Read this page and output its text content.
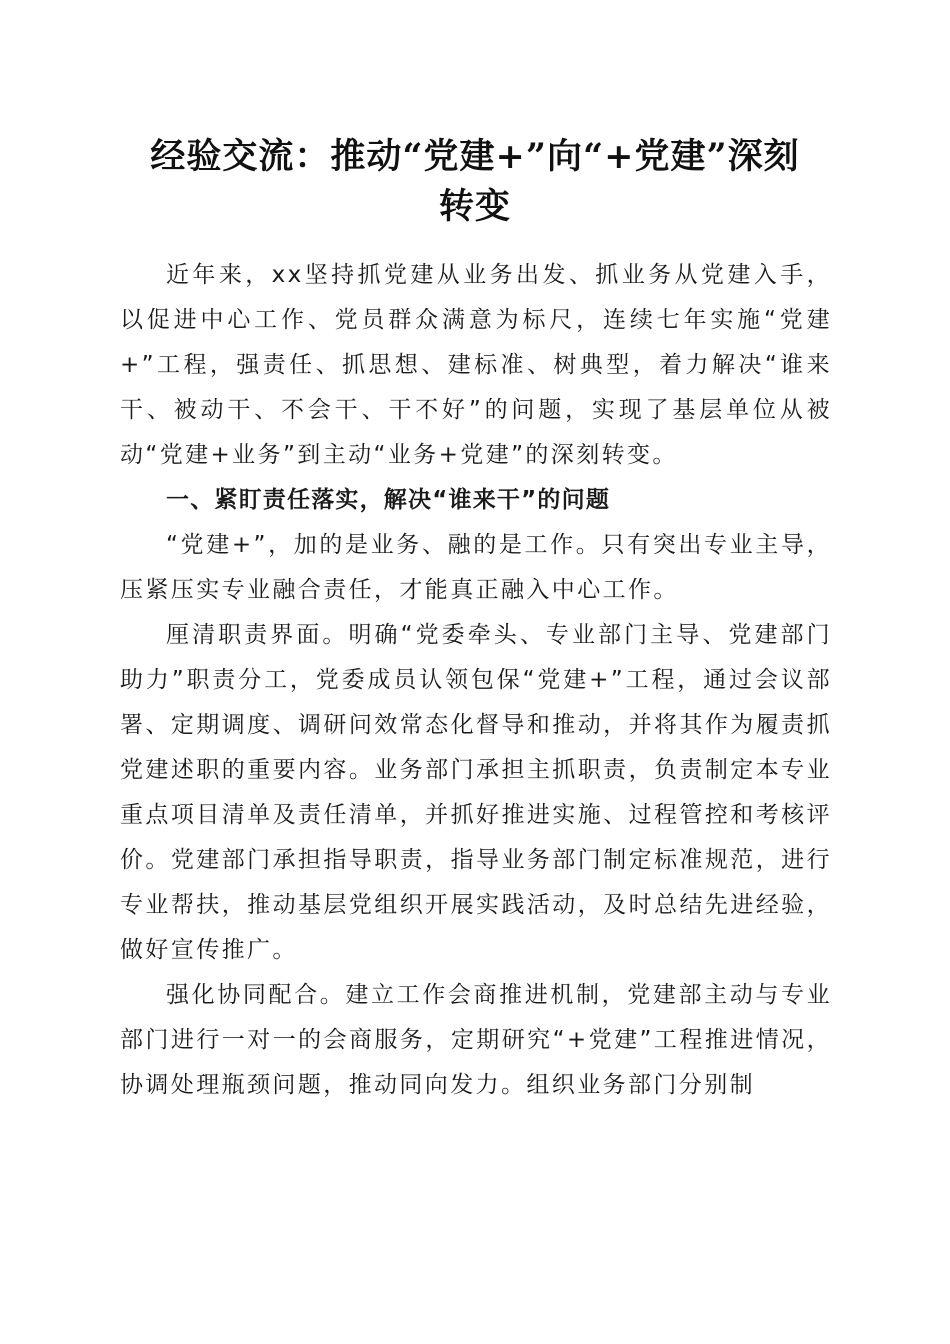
经验交流：推动“党建+”向“+党建”深刻
转变

近年来，xx坚持抓党建从业务出发、抓业务从党建入手，以促进中心工作、党员群众满意为标尺，连续七年实施“党建+”工程，强责任、抓思想、建标准、树典型，着力解决“谁来干、被动干、不会干、干不好”的问题，实现了基层单位从被动“党建+业务”到主动“业务+党建”的深刻转变。

一、紧盯责任落实，解决“谁来干”的问题

“党建+”，加的是业务、融的是工作。只有突出专业主导，压紧压实专业融合责任，才能真正融入中心工作。

厘清职责界面。明确“党委牵头、专业部门主导、党建部门助力”职责分工，党委成员认领包保“党建+”工程，通过会议部署、定期调度、调研问效常态化督导和推动，并将其作为履责抓党建述职的重要内容。业务部门承担主抓职责，负责制定本专业重点项目清单及责任清单，并抓好推进实施、过程管控和考核评价。党建部门承担指导职责，指导业务部门制定标准规范，进行专业帮扶，推动基层党组织开展实践活动，及时总结先进经验，做好宣传推广。

强化协同配合。建立工作会商推进机制，党建部主动与专业部门进行一对一的会商服务，定期研究“+党建”工程推进情况，协调处理瓶颈问题，推动同向发力。组织业务部门分别制
